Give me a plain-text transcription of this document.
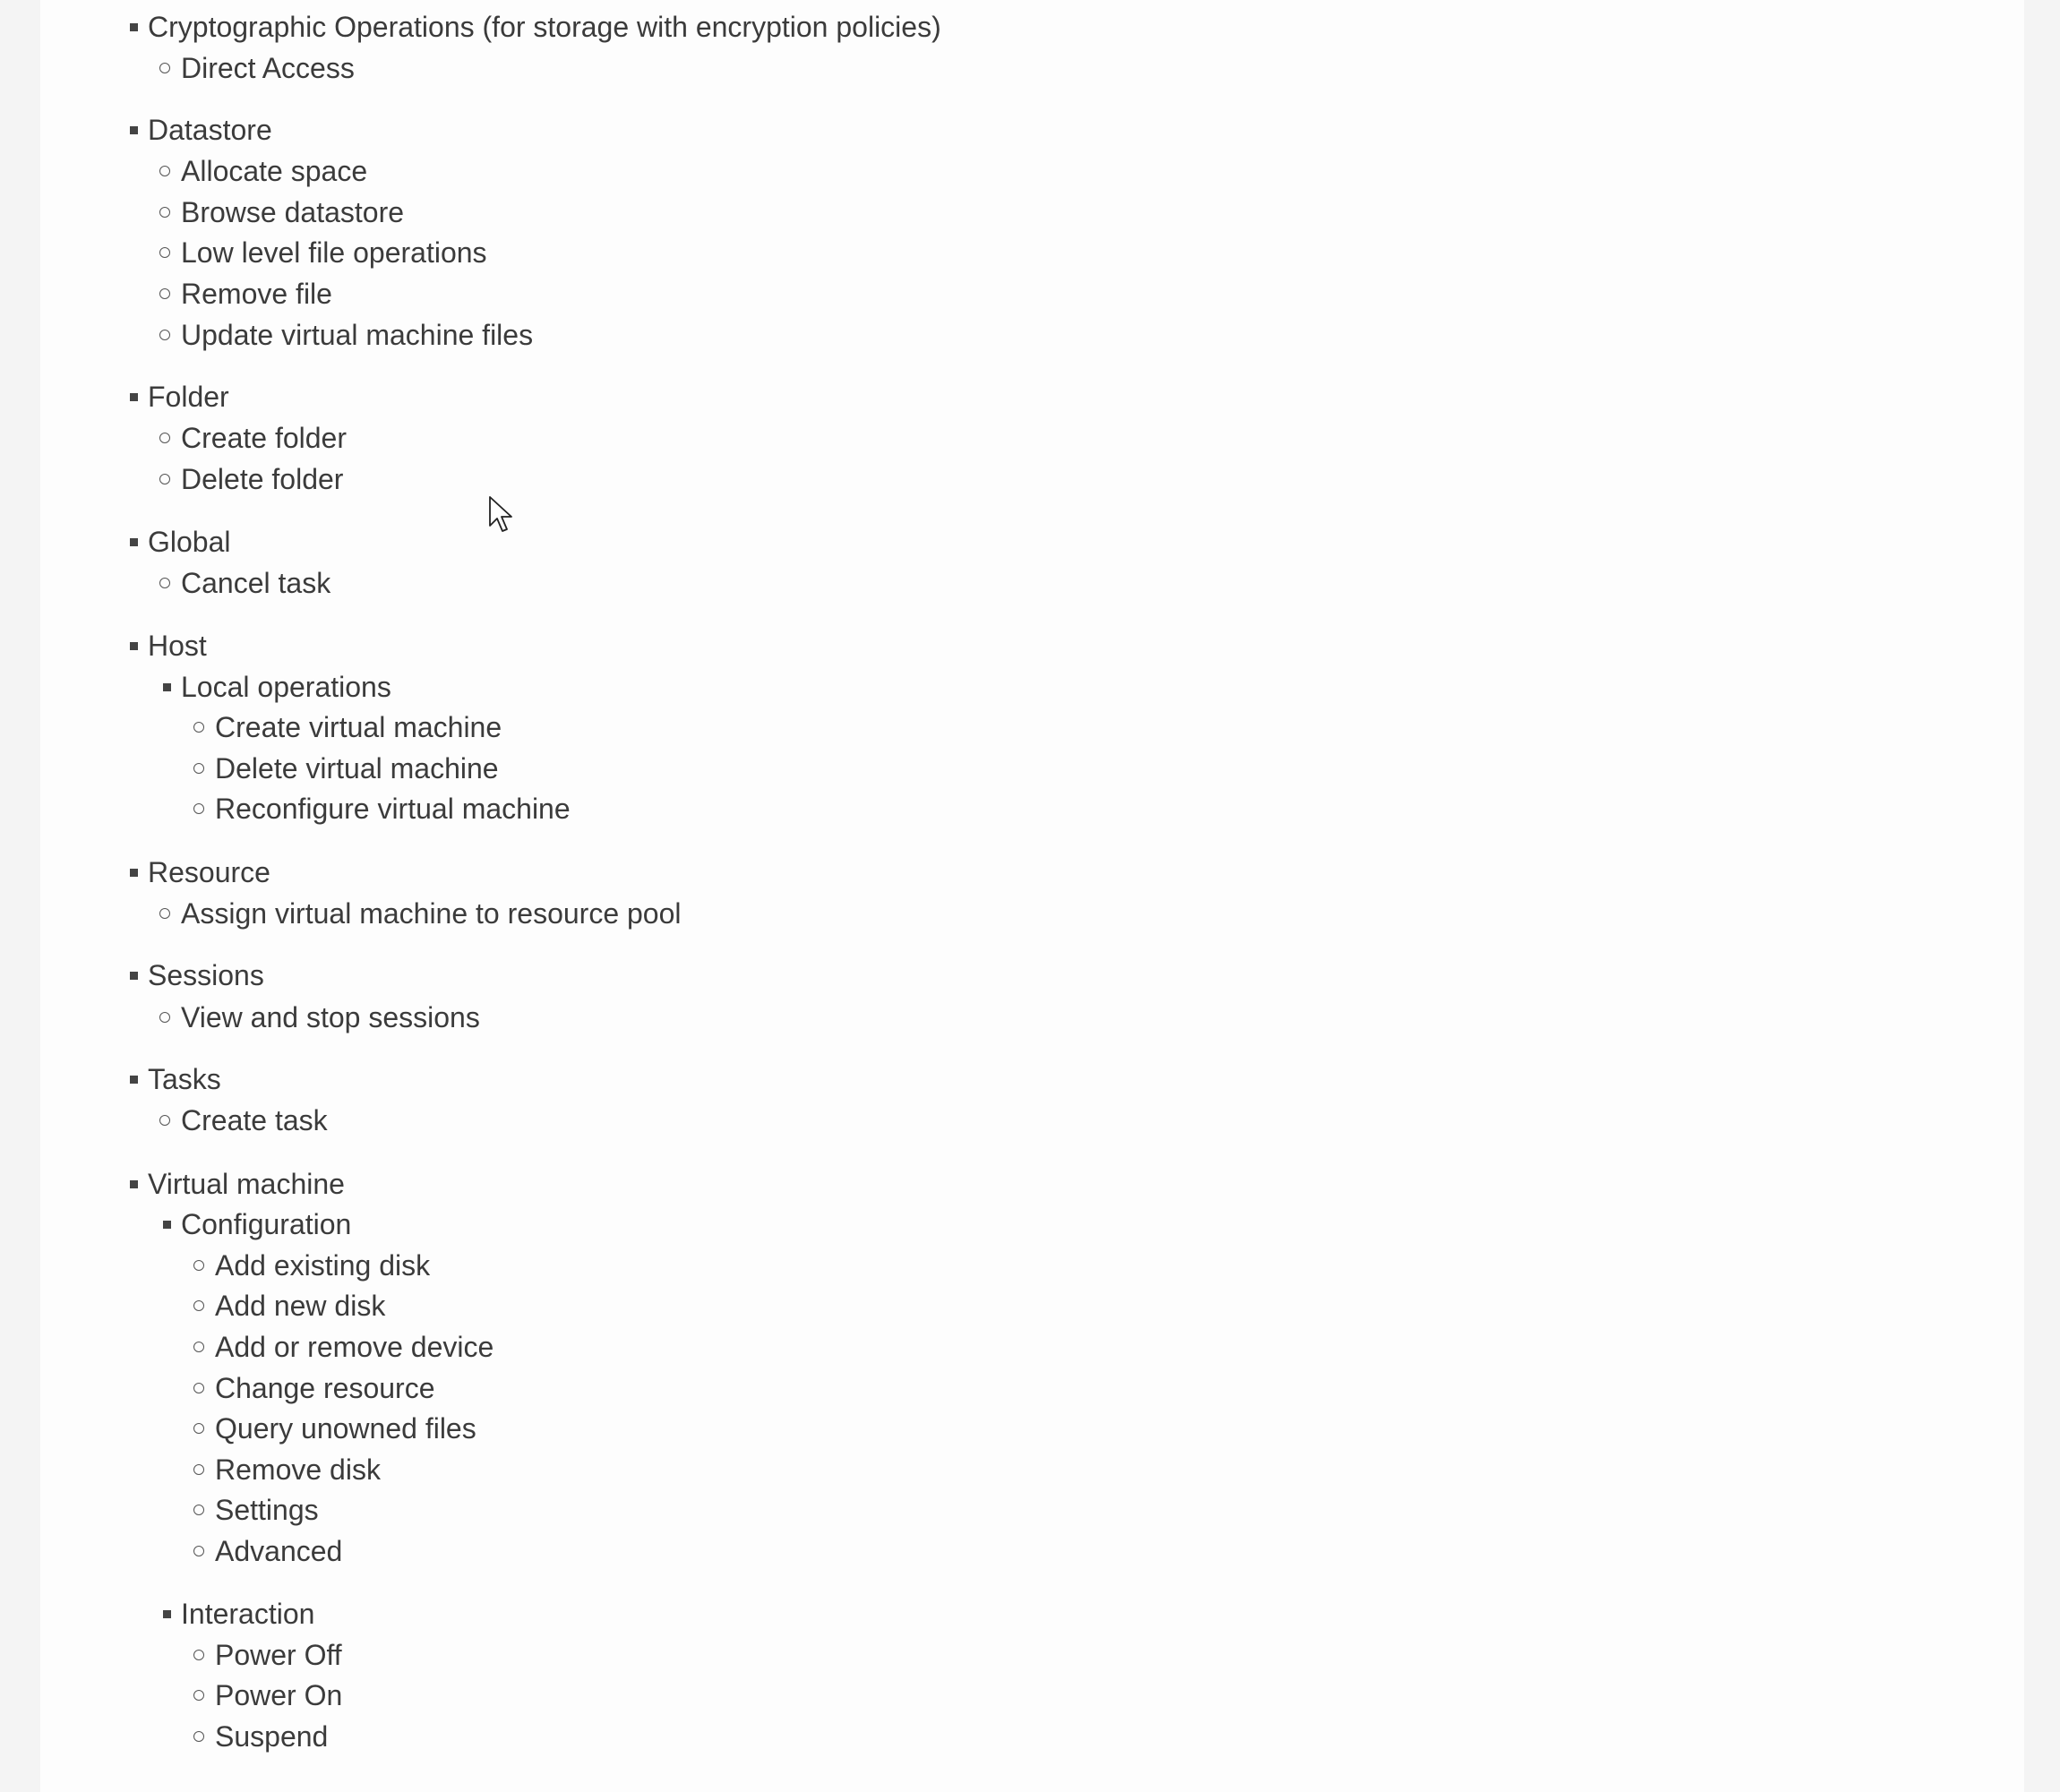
Cryptographic Operations (for storage with encryption policies)
Direct Access
Datastore
Allocate space
Browse datastore
Low level file operations
Remove file
Update virtual machine files
Folder
Create folder
Delete folder
Global
Cancel task
Host
Local operations
Create virtual machine
Delete virtual machine
Reconfigure virtual machine
Resource
Assign virtual machine to resource pool
Sessions
View and stop sessions
Tasks
Create task
Virtual machine
Configuration
Add existing disk
Add new disk
Add or remove device
Change resource
Query unowned files
Remove disk
Settings
Advanced
Interaction
Power Off
Power On
Suspend
